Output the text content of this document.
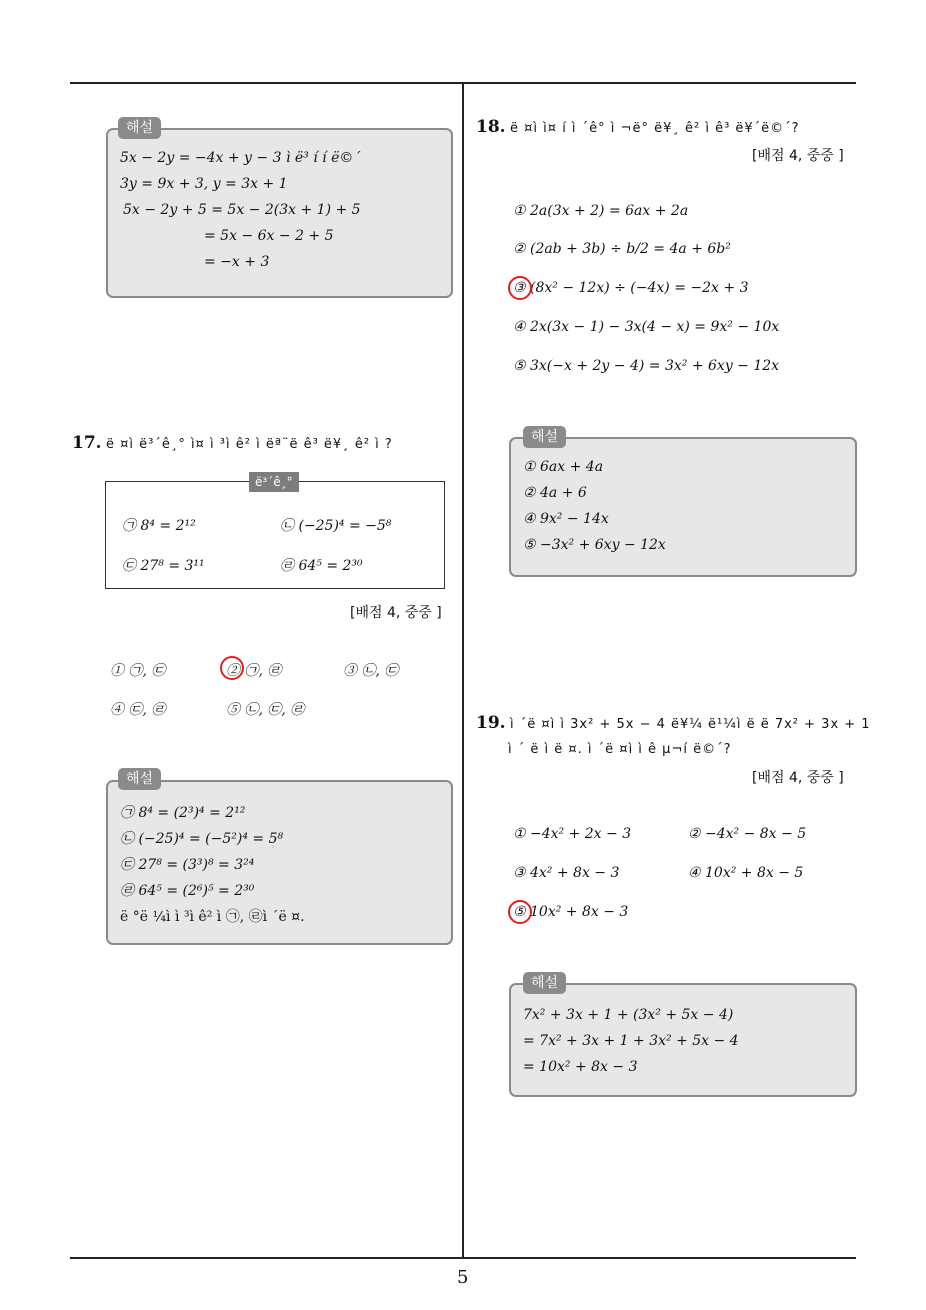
5x − 2y = −4x + y − 3 ì ë³ í í ë©´
3y = 9x + 3, y = 3x + 1
5x − 2y + 5 = 5x − 2(3x + 1) + 5
= 5x − 6x − 2 + 5
= −x + 3
해설
17. ë ¤ì ë³´ê¸° ì¤ ì ³ì ê² ì ëª¨ë ê³ ë¥¸ ê² ì ?
㉠ 8⁴ = 2¹²	㉡ (−25)⁴ = −5⁸
㉢ 27⁸ = 3¹¹	㉣ 64⁵ = 2³⁰
ë³´ê¸°
[배점 4, 중중 ]
① ㉠, ㉢	② ㉠, ㉣	③ ㉡, ㉢
④ ㉢, ㉣	⑤ ㉡, ㉢, ㉣
㉠ 8⁴ = (2³)⁴ = 2¹²
㉡ (−25)⁴ = (−5²)⁴ = 5⁸
㉢ 27⁸ = (3³)⁸ = 3²⁴
㉣ 64⁵ = (2⁶)⁵ = 2³⁰
ë °ë ¼ì ì ³ì ê² ì ㉠, ㉣ì ´ë ¤.
해설
18. ë ¤ì ì¤ í ì ´ê° ì ¬ë° ë¥¸ ê² ì ê³ ë¥´ë©´?
[배점 4, 중중 ]
① 2a(3x + 2) = 6ax + 2a
② (2ab + 3b) ÷ b/2 = 4a + 6b²
③ (8x² − 12x) ÷ (−4x) = −2x + 3
④ 2x(3x − 1) − 3x(4 − x) = 9x² − 10x
⑤ 3x(−x + 2y − 4) = 3x² + 6xy − 12x
① 6ax + 4a
② 4a + 6
④ 9x² − 14x
⑤ −3x² + 6xy − 12x
해설
19. ì ´ë ¤ì ì 3x² + 5x − 4 ë¥¼ ë¹¼ì ë ë 7x² + 3x + 1
ì ´ ë ì ë ¤. ì ´ë ¤ì ì ê µ¬í ë©´?
[배점 4, 중중 ]
① −4x² + 2x − 3	② −4x² − 8x − 5
③ 4x² + 8x − 3	④ 10x² + 8x − 5
⑤ 10x² + 8x − 3
7x² + 3x + 1 + (3x² + 5x − 4)
= 7x² + 3x + 1 + 3x² + 5x − 4
= 10x² + 8x − 3
해설
5
